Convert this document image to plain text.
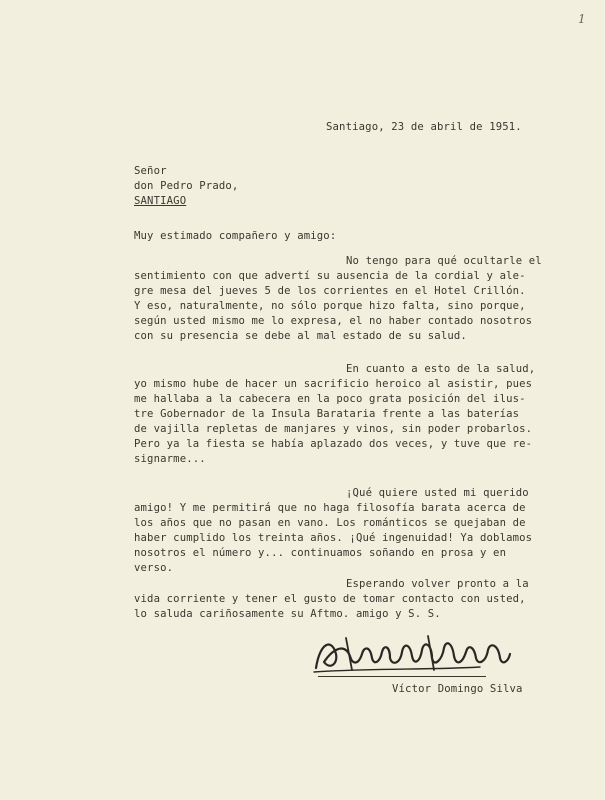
1
Santiago, 23 de abril de 1951.
Señor
don Pedro Prado,
SANTIAGO
Muy estimado compañero y amigo:
No tengo para qué ocultarle el
sentimiento con que advertí su ausencia de la cordial y ale-
gre mesa del jueves 5 de los corrientes en el Hotel Crillón.
Y eso, naturalmente, no sólo porque hizo falta, sino porque,
según usted mismo me lo expresa, el no haber contado nosotros
con su presencia se debe al mal estado de su salud.
En cuanto a esto de la salud,
yo mismo hube de hacer un sacrificio heroico al asistir, pues
me hallaba a la cabecera en la poco grata posición del ilus-
tre Gobernador de la Insula Barataria frente a las baterías
de vajilla repletas de manjares y vinos, sin poder probarlos.
Pero ya la fiesta se había aplazado dos veces, y tuve que re-
signarme...
¡Qué quiere usted mi querido
amigo! Y me permitirá que no haga filosofía barata acerca de
los años que no pasan en vano. Los románticos se quejaban de
haber cumplido los treinta años. ¡Qué ingenuidad! Ya doblamos
nosotros el número y... continuamos soñando en prosa y en
verso.
Esperando volver pronto a la
vida corriente y tener el gusto de tomar contacto con usted,
lo saluda cariñosamente su Aftmo. amigo y S. S.
Víctor Domingo Silva
